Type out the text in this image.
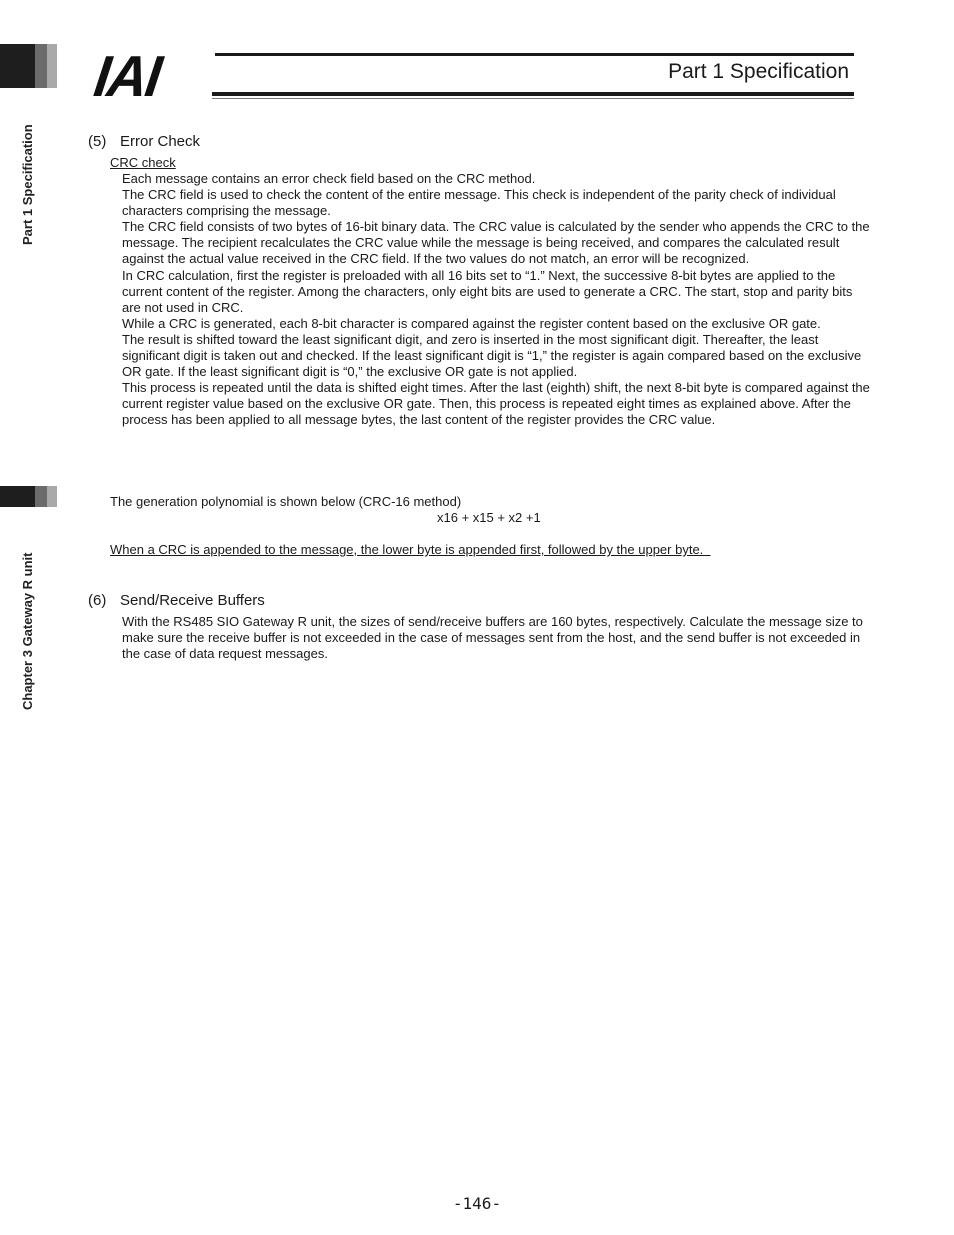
Part 1 Specification
Chapter 3 Gateway R unit
IAI	Part 1 Specification
(5) Error Check
CRC check

Each message contains an error check field based on the CRC method.

The CRC field is used to check the content of the entire message. This check is independent of the parity check of individual characters comprising the message.

The CRC field consists of two bytes of 16-bit binary data. The CRC value is calculated by the sender who appends the CRC to the message. The recipient recalculates the CRC value while the message is being received, and compares the calculated result against the actual value received in the CRC field. If the two values do not match, an error will be recognized.

In CRC calculation, first the register is preloaded with all 16 bits set to “1.” Next, the successive 8-bit bytes are applied to the current content of the register. Among the characters, only eight bits are used to generate a CRC. The start, stop and parity bits are not used in CRC.

While a CRC is generated, each 8-bit character is compared against the register content based on the exclusive OR gate.

The result is shifted toward the least significant digit, and zero is inserted in the most significant digit. Thereafter, the least significant digit is taken out and checked. If the least significant digit is “1,” the register is again compared based on the exclusive OR gate. If the least significant digit is “0,” the exclusive OR gate is not applied.

This process is repeated until the data is shifted eight times. After the last (eighth) shift, the next 8-bit byte is compared against the current register value based on the exclusive OR gate. Then, this process is repeated eight times as explained above. After the process has been applied to all message bytes, the last content of the register provides the CRC value.

The generation polynomial is shown below (CRC-16 method)
x16 + x15 + x2 +1
When a CRC is appended to the message, the lower byte is appended first, followed by the upper byte.
(6) Send/Receive Buffers

With the RS485 SIO Gateway R unit, the sizes of send/receive buffers are 160 bytes, respectively. Calculate the message size to make sure the receive buffer is not exceeded in the case of messages sent from the host, and the send buffer is not exceeded in the case of data request messages.

-146-
